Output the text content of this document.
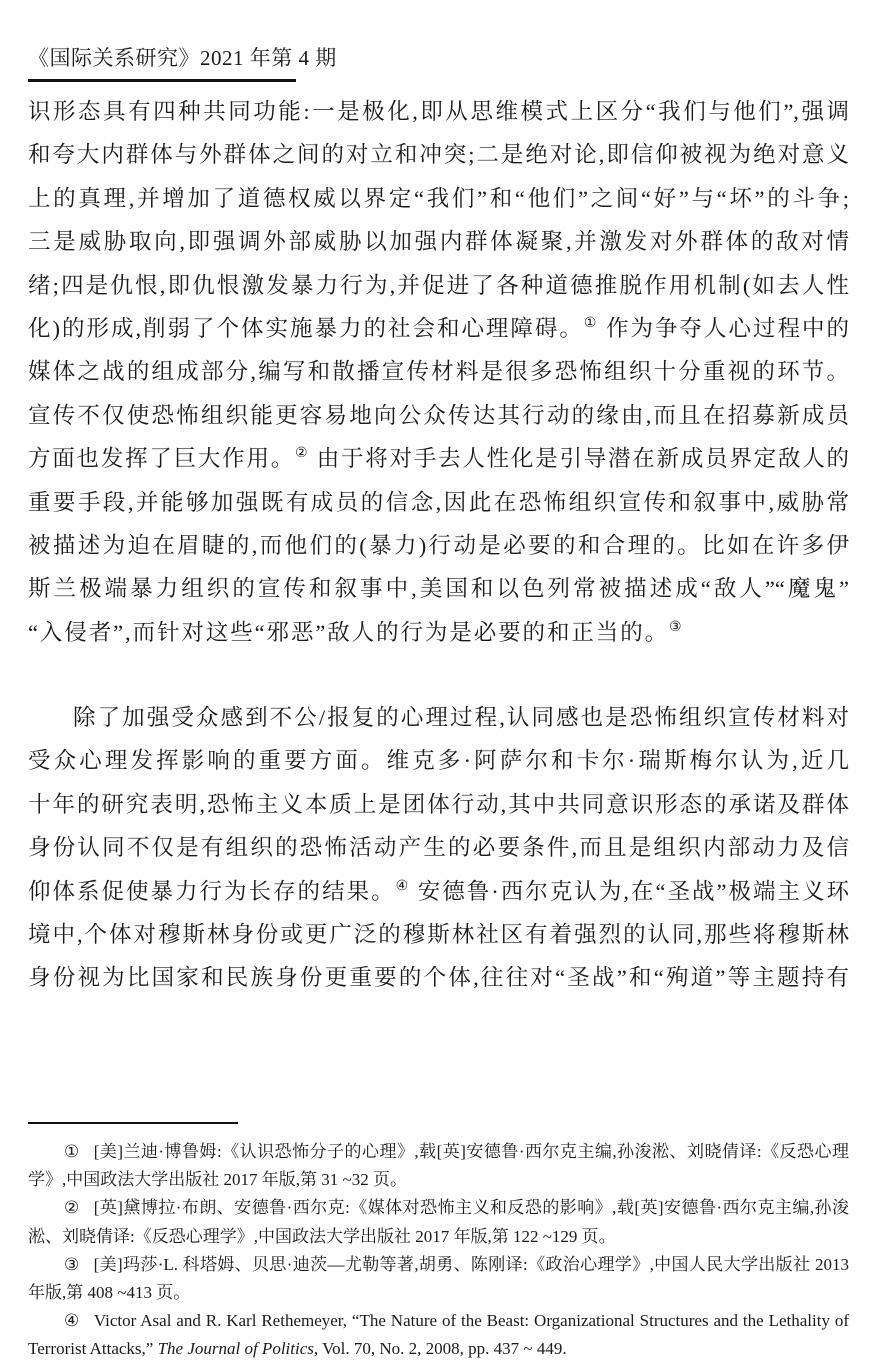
《国际关系研究》2021 年第 4 期
识形态具有四种共同功能:一是极化,即从思维模式上区分“我们与他们”,强调
和夸大内群体与外群体之间的对立和冲突;二是绝对论,即信仰被视为绝对意义
上的真理,并增加了道德权威以界定“我们”和“他们”之间“好”与“坏”的斗争;
三是威胁取向,即强调外部威胁以加强内群体凝聚,并激发对外群体的敌对情
绪;四是仇恨,即仇恨激发暴力行为,并促进了各种道德推脱作用机制(如去人性
化)的形成,削弱了个体实施暴力的社会和心理障碍。① 作为争夺人心过程中的
媒体之战的组成部分,编写和散播宣传材料是很多恐怖组织十分重视的环节。
宣传不仅使恐怖组织能更容易地向公众传达其行动的缘由,而且在招募新成员
方面也发挥了巨大作用。② 由于将对手去人性化是引导潜在新成员界定敌人的
重要手段,并能够加强既有成员的信念,因此在恐怖组织宣传和叙事中,威胁常
被描述为迫在眉睫的,而他们的(暴力)行动是必要的和合理的。比如在许多伊
斯兰极端暴力组织的宣传和叙事中,美国和以色列常被描述成“敌人”“魔鬼”
“入侵者”,而针对这些“邪恶”敌人的行为是必要的和正当的。③
除了加强受众感到不公/报复的心理过程,认同感也是恐怖组织宣传材料对
受众心理发挥影响的重要方面。维克多·阿萨尔和卡尔·瑞斯梅尔认为,近几
十年的研究表明,恐怖主义本质上是团体行动,其中共同意识形态的承诺及群体
身份认同不仅是有组织的恐怖活动产生的必要条件,而且是组织内部动力及信
仰体系促使暴力行为长存的结果。④ 安德鲁·西尔克认为,在“圣战”极端主义环
境中,个体对穆斯林身份或更广泛的穆斯林社区有着强烈的认同,那些将穆斯林
身份视为比国家和民族身份更重要的个体,往往对“圣战”和“殉道”等主题持有

① [美]兰迪·博鲁姆:《认识恐怖分子的心理》,载[英]安德鲁·西尔克主编,孙浚淞、刘晓倩译:《反恐心理学》,中国政法大学出版社 2017 年版,第 31 ~32 页。

② [英]黛博拉·布朗、安德鲁·西尔克:《媒体对恐怖主义和反恐的影响》,载[英]安德鲁·西尔克主编,孙浚淞、刘晓倩译:《反恐心理学》,中国政法大学出版社 2017 年版,第 122 ~129 页。

③ [美]玛莎·L. 科塔姆、贝思·迪茨—尤勒等著,胡勇、陈刚译:《政治心理学》,中国人民大学出版社 2013 年版,第 408 ~413 页。

④ Victor Asal and R. Karl Rethemeyer, “The Nature of the Beast: Organizational Structures and the Lethality of Terrorist Attacks,” The Journal of Politics, Vol. 70, No. 2, 2008, pp. 437 ~ 449.
